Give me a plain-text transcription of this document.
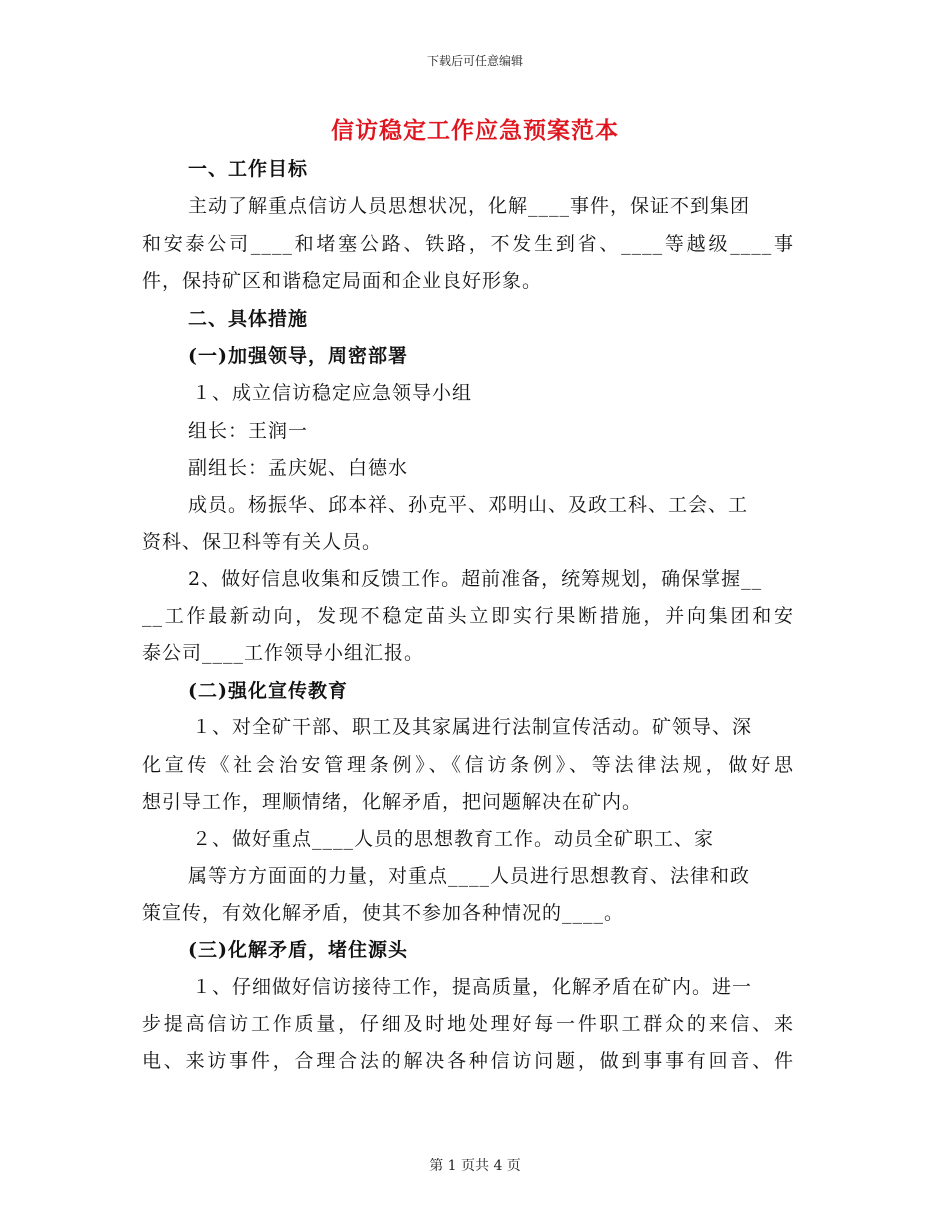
下载后可任意编辑
信访稳定工作应急预案范本
一、工作目标
主动了解重点信访人员思想状况，化解____事件，保证不到集团
和安泰公司____和堵塞公路、铁路，不发生到省、____等越级____事
件，保持矿区和谐稳定局面和企业良好形象。
二、具体措施
(一)加强领导，周密部署
１、成立信访稳定应急领导小组
组长：王润一
副组长：孟庆妮、白德水
成员。杨振华、邱本祥、孙克平、邓明山、及政工科、工会、工
资科、保卫科等有关人员。
2、做好信息收集和反馈工作。超前准备，统筹规划，确保掌握__
__工作最新动向，发现不稳定苗头立即实行果断措施，并向集团和安
泰公司____工作领导小组汇报。
(二)强化宣传教育
１、对全矿干部、职工及其家属进行法制宣传活动。矿领导、深
化宣传《社会治安管理条例》、《信访条例》、等法律法规，做好思
想引导工作，理顺情绪，化解矛盾，把问题解决在矿内。
２、做好重点____人员的思想教育工作。动员全矿职工、家
属等方方面面的力量，对重点____人员进行思想教育、法律和政
策宣传，有效化解矛盾，使其不参加各种情况的____。
(三)化解矛盾，堵住源头
１、仔细做好信访接待工作，提高质量，化解矛盾在矿内。进一
步提高信访工作质量，仔细及时地处理好每一件职工群众的来信、来
电、来访事件，合理合法的解决各种信访问题，做到事事有回音、件
第 1 页共 4 页
